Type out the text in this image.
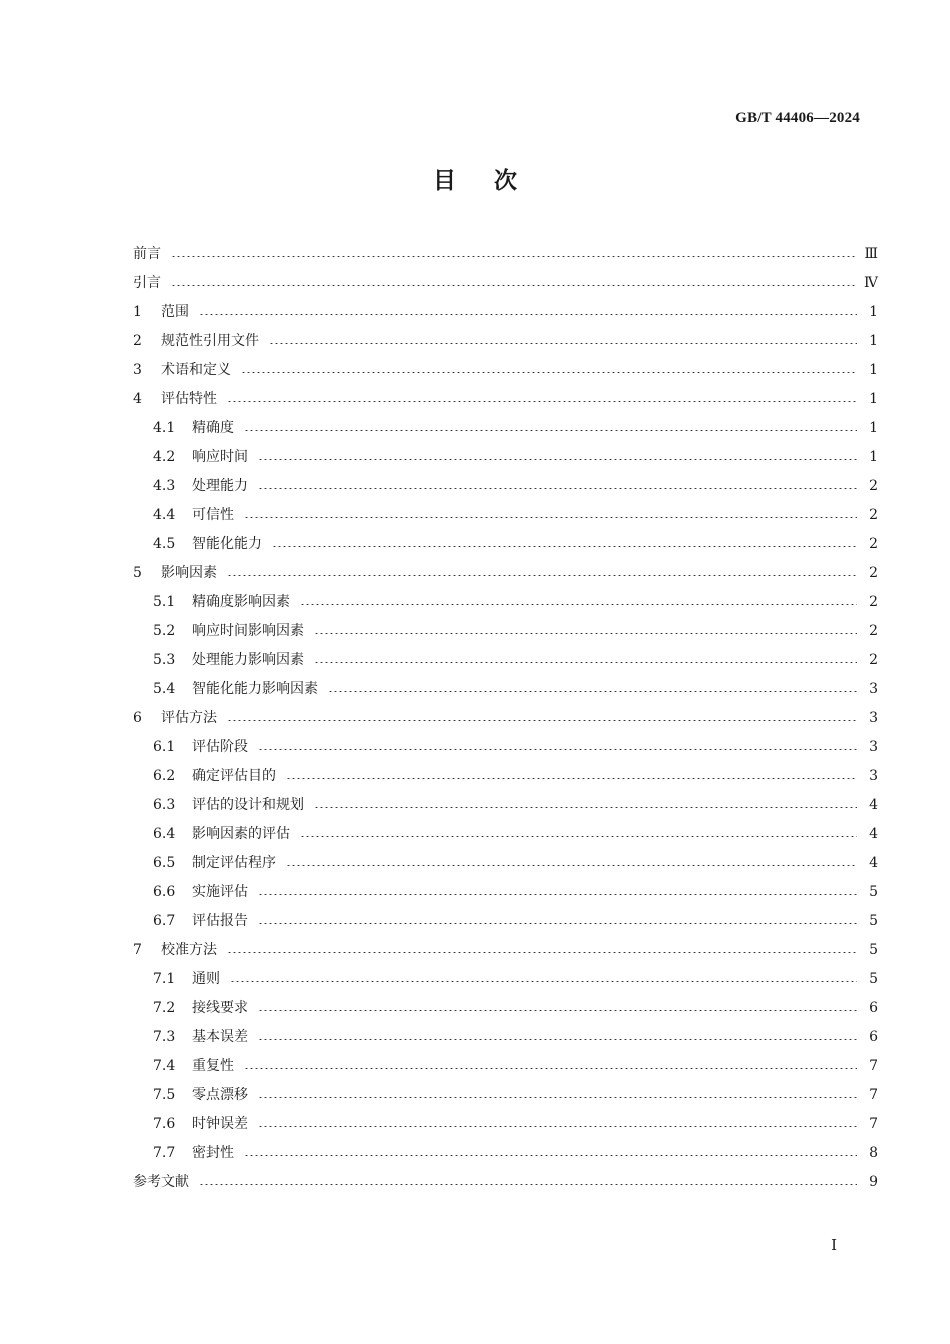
GB/T 44406—2024
目次
前言	Ⅲ
引言	Ⅳ
1	范围	1
2	规范性引用文件	1
3	术语和定义	1
4	评估特性	1
4.1	精确度	1
4.2	响应时间	1
4.3	处理能力	2
4.4	可信性	2
4.5	智能化能力	2
5	影响因素	2
5.1	精确度影响因素	2
5.2	响应时间影响因素	2
5.3	处理能力影响因素	2
5.4	智能化能力影响因素	3
6	评估方法	3
6.1	评估阶段	3
6.2	确定评估目的	3
6.3	评估的设计和规划	4
6.4	影响因素的评估	4
6.5	制定评估程序	4
6.6	实施评估	5
6.7	评估报告	5
7	校准方法	5
7.1	通则	5
7.2	接线要求	6
7.3	基本误差	6
7.4	重复性	7
7.5	零点漂移	7
7.6	时钟误差	7
7.7	密封性	8
参考文献	9
Ⅰ
